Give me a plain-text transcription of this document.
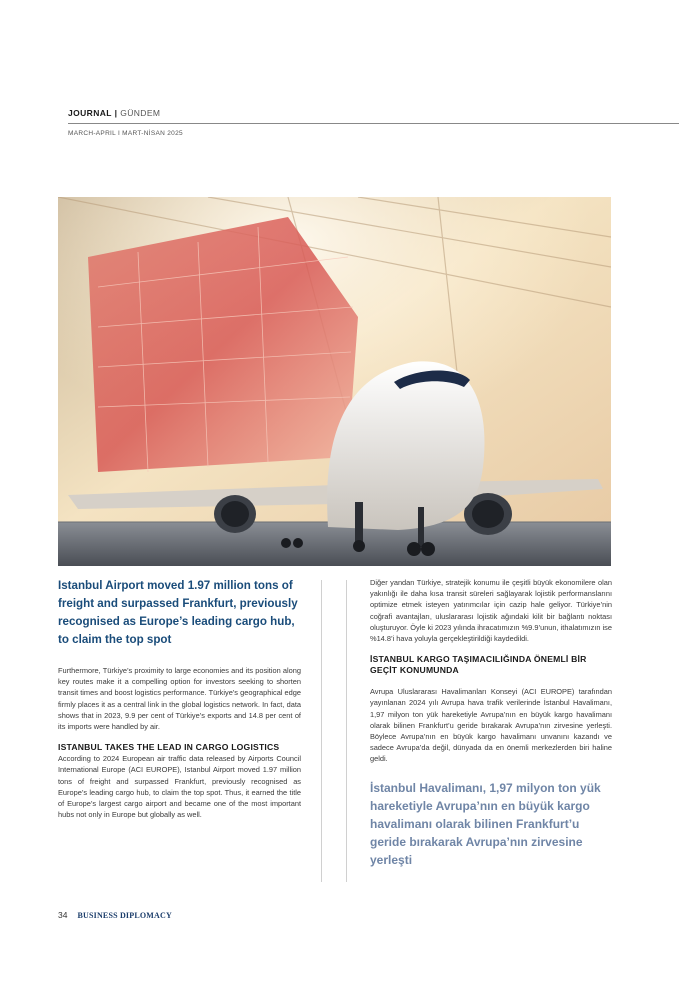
JOURNAL | GÜNDEM
MARCH-APRIL I MART-NİSAN 2025

Istanbul Airport moved 1.97 million tons of freight and surpassed Frankfurt, previously recognised as Europe’s leading cargo hub, to claim the top spot

Furthermore, Türkiye’s proximity to large economies and its position along key routes make it a compelling option for investors seeking to shorten transit times and boost logistics performance. Türkiye’s geographical edge firmly places it as a central link in the global logistics network. In fact, data shows that in 2023, 9.9 per cent of Türkiye’s exports and 14.8 per cent of its imports were handled by air.

ISTANBUL TAKES THE LEAD IN CARGO LOGISTICS

According to 2024 European air traffic data released by Airports Council International Europe (ACI EUROPE), Istanbul Airport moved 1.97 million tons of freight and surpassed Frankfurt, previously recognised as Europe’s leading cargo hub, to claim the top spot. Thus, it earned the title of Europe’s largest cargo airport and became one of the most important hubs not only in Europe but globally as well.

Diğer yandan Türkiye, stratejik konumu ile çeşitli büyük ekonomilere olan yakınlığı ile daha kısa transit süreleri sağlayarak lojistik performanslarını optimize etmek isteyen yatırımcılar için cazip hale geliyor. Türkiye’nin coğrafi avantajları, uluslararası lojistik ağındaki kilit bir bağlantı noktası oluşturuyor. Öyle ki 2023 yılında ihracatımızın %9.9’unun, ithalatımızın ise %14.8’i hava yoluyla gerçekleştirildiği kaydedildi.

İSTANBUL KARGO TAŞIMACILIĞINDA ÖNEMLİ BİR GEÇİT KONUMUNDA

Avrupa Uluslararası Havalimanları Konseyi (ACI EUROPE) tarafından yayınlanan 2024 yılı Avrupa hava trafik verilerinde İstanbul Havalimanı, 1,97 milyon ton yük hareketiyle Avrupa’nın en büyük kargo havalimanı olarak bilinen Frankfurt’u geride bırakarak Avrupa’nın zirvesine yerleşti. Böylece Avrupa’nın en büyük kargo havalimanı unvanını kazandı ve sadece Avrupa’da değil, dünyada da en önemli merkezlerden biri haline geldi.

İstanbul Havalimanı, 1,97 milyon ton yük hareketiyle Avrupa’nın en büyük kargo havalimanı olarak bilinen Frankfurt’u geride bırakarak Avrupa’nın zirvesine yerleşti

34 BUSINESS DIPLOMACY
